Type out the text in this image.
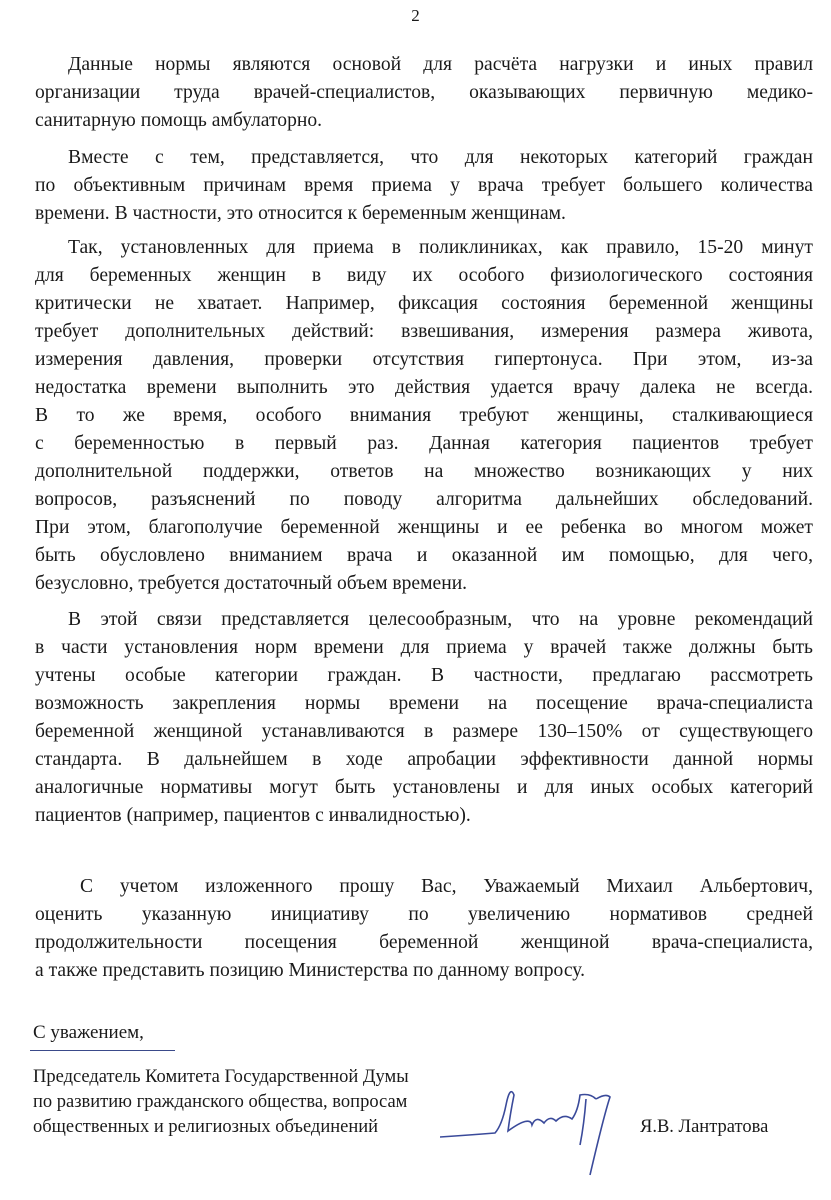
2
Данные нормы являются основой для расчёта нагрузки и иных правил
организации труда врачей-специалистов, оказывающих первичную медико-
санитарную помощь амбулаторно.
Вместе с тем, представляется, что для некоторых категорий граждан
по объективным причинам время приема у врача требует большего количества
времени. В частности, это относится к беременным женщинам.
Так, установленных для приема в поликлиниках, как правило, 15-20 минут
для беременных женщин в виду их особого физиологического состояния
критически не хватает. Например, фиксация состояния беременной женщины
требует дополнительных действий: взвешивания, измерения размера живота,
измерения давления, проверки отсутствия гипертонуса. При этом, из-за
недостатка времени выполнить это действия удается врачу далека не всегда.
В то же время, особого внимания требуют женщины, сталкивающиеся
с беременностью в первый раз. Данная категория пациентов требует
дополнительной поддержки, ответов на множество возникающих у них
вопросов, разъяснений по поводу алгоритма дальнейших обследований.
При этом, благополучие беременной женщины и ее ребенка во многом может
быть обусловлено вниманием врача и оказанной им помощью, для чего,
безусловно, требуется достаточный объем времени.
В этой связи представляется целесообразным, что на уровне рекомендаций
в части установления норм времени для приема у врачей также должны быть
учтены особые категории граждан. В частности, предлагаю рассмотреть
возможность закрепления нормы времени на посещение врача-специалиста
беременной женщиной устанавливаются в размере 130–150% от существующего
стандарта. В дальнейшем в ходе апробации эффективности данной нормы
аналогичные нормативы могут быть установлены и для иных особых категорий
пациентов (например, пациентов с инвалидностью).
С учетом изложенного прошу Вас, Уважаемый Михаил Альбертович,
оценить указанную инициативу по увеличению нормативов средней
продолжительности посещения беременной женщиной врача-специалиста,
а также представить позицию Министерства по данному вопросу.
С уважением,
Председатель Комитета Государственной Думы
по развитию гражданского общества, вопросам
общественных и религиозных объединений	Я.В. Лантратова
